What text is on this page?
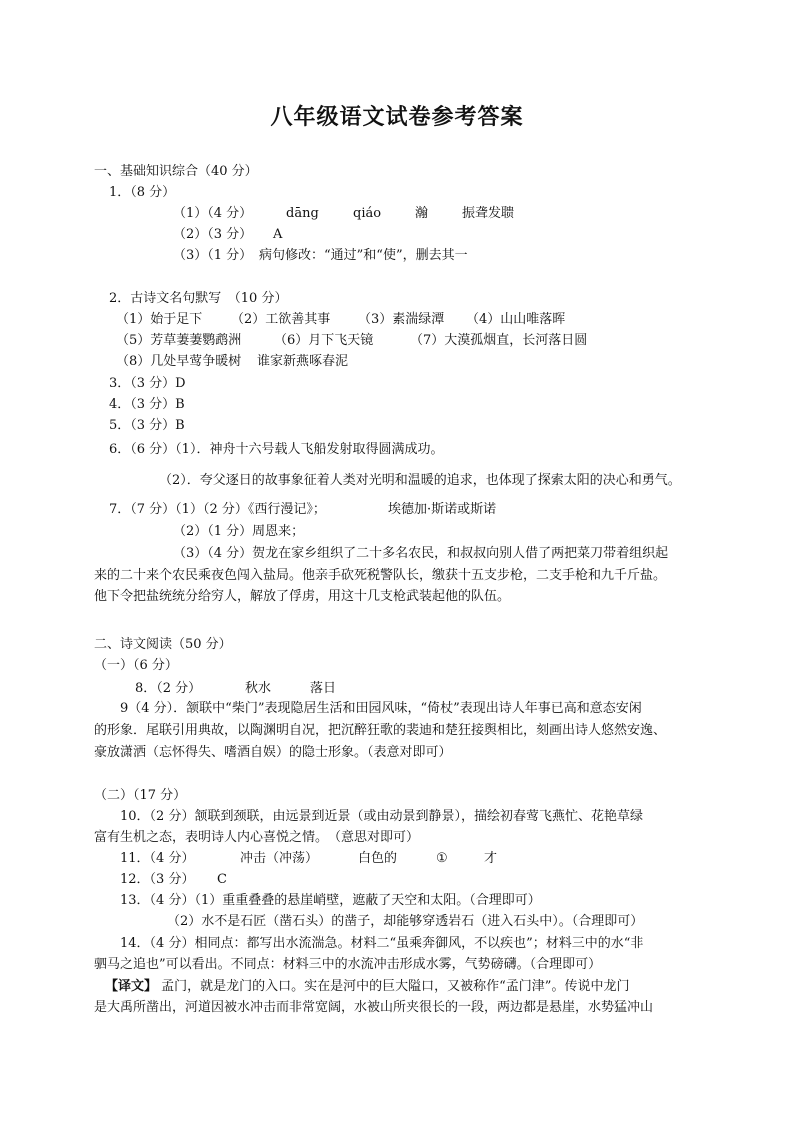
八年级语文试卷参考答案
一、基础知识综合（40 分）
1．（8 分）
（1）（4 分）	dāng	qiáo	瀚	振聋发聩
（2）（3 分） A
（3）（1 分） 病句修改：“通过”和“使”，删去其一
2．古诗文名句默写　（10 分）
（1）始于足下 （2）工欲善其事 （3）素湍绿潭 （4）山山唯落晖
（5）芳草萋萋鹦鹉洲	（6）月下飞天镜	（7）大漠孤烟直，长河落日圆
（8）几处早莺争暖树 谁家新燕啄春泥
3．（3 分）D
4．（3 分）B
5．（3 分）B
6．（6 分）（1）．神舟十六号载人飞船发射取得圆满成功。
（2）．夸父逐日的故事象征着人类对光明和温暖的追求，也体现了探索太阳的决心和勇气。
7．（7 分）（1）（2 分）《西行漫记》；	埃德加·斯诺或斯诺
（2）（1 分）周恩来；
（3）（4 分）贺龙在家乡组织了二十多名农民，和叔叔向别人借了两把菜刀带着组织起
来的二十来个农民乘夜色闯入盐局。他亲手砍死税警队长，缴获十五支步枪，二支手枪和九千斤盐。
他下令把盐统统分给穷人，解放了俘虏，用这十几支枪武装起他的队伍。
二、诗文阅读（50 分）
（一）（6 分）
8．（2 分）	秋水	落日
9（4 分）．颔联中“柴门”表现隐居生活和田园风味，“倚杖”表现出诗人年事已高和意态安闲
的形象．尾联引用典故，以陶渊明自况，把沉醉狂歌的裴迪和楚狂接舆相比，刻画出诗人悠然安逸、
豪放潇洒（忘怀得失、嗜酒自娱）的隐士形象。（表意对即可）
（二）（17 分）
10．（2 分）颔联到颈联，由远景到近景（或由动景到静景），描绘初春莺飞燕忙、花艳草绿
富有生机之态，表明诗人内心喜悦之情。　（意思对即可）
11．（4 分）	冲击（冲荡）	白色的	①	才
12．（3 分） C
13．（4 分）（1）重重叠叠的悬崖峭壁，遮蔽了天空和太阳。（合理即可）
（2）水不是石匠（凿石头）的凿子，却能够穿透岩石（进入石头中）。（合理即可）
14．（4 分）相同点：都写出水流湍急。材料二“虽乘奔御风，不以疾也”；材料三中的水“非
驷马之追也”可以看出。不同点：材料三中的水流冲击形成水雾，气势磅礴。（合理即可）
【译文】 孟门，就是龙门的入口。实在是河中的巨大隘口，又被称作“孟门津”。传说中龙门
是大禹所凿出，河道因被水冲击而非常宽阔，水被山所夹很长的一段，两边都是悬崖，水势猛冲山
